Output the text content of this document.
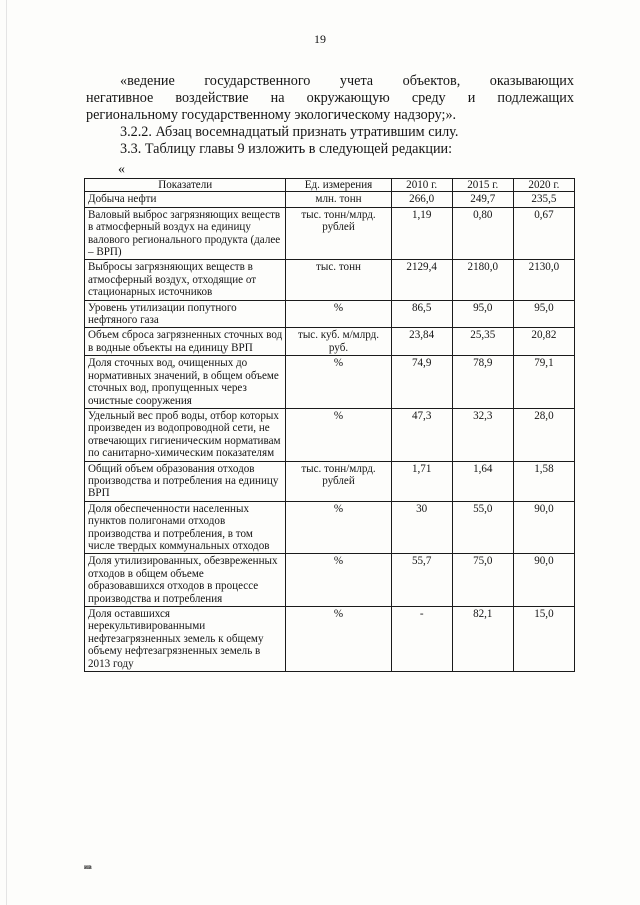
19

«ведение государственного учета объектов, оказывающих

негативное воздействие на окружающую среду и подлежащих

региональному государственному экологическому надзору;».

3.2.2. Абзац восемнадцатый признать утратившим силу.

3.3. Таблицу главы 9 изложить в следующей редакции:

«
Показатели	Ед. измерения	2010 г.	2015 г.	2020 г.
Добыча нефти	млн. тонн	266,0	249,7	235,5
Валовый выброс загрязняющих веществ в атмосферный воздух на единицу валового регионального продукта (далее – ВРП)	тыс. тонн/млрд. рублей	1,19	0,80	0,67
Выбросы загрязняющих веществ в атмосферный воздух, отходящие от стационарных источников	тыс. тонн	2129,4	2180,0	2130,0
Уровень утилизации попутного нефтяного газа	%	86,5	95,0	95,0
Объем сброса загрязненных сточных вод в водные объекты на единицу ВРП	тыс. куб. м/млрд. руб.	23,84	25,35	20,82
Доля сточных вод, очищенных до нормативных значений, в общем объеме сточных вод, пропущенных через очистные сооружения	%	74,9	78,9	79,1
Удельный вес проб воды, отбор которых произведен из водопроводной сети, не отвечающих гигиеническим нормативам по санитарно-химическим показателям	%	47,3	32,3	28,0
Общий объем образования отходов производства и потребления на единицу ВРП	тыс. тонн/млрд. рублей	1,71	1,64	1,58
Доля обеспеченности населенных пунктов полигонами отходов производства и потребления, в том числе твердых коммунальных отходов	%	30	55,0	90,0
Доля утилизированных, обезвреженных отходов в общем объеме образовавшихся отходов в процессе производства и потребления	%	55,7	75,0	90,0
Доля оставшихся нерекультивированными нефтезагрязненных земель к общему объему нефтезагрязненных земель в 2013 году	%	-	82,1	15,0
ив
